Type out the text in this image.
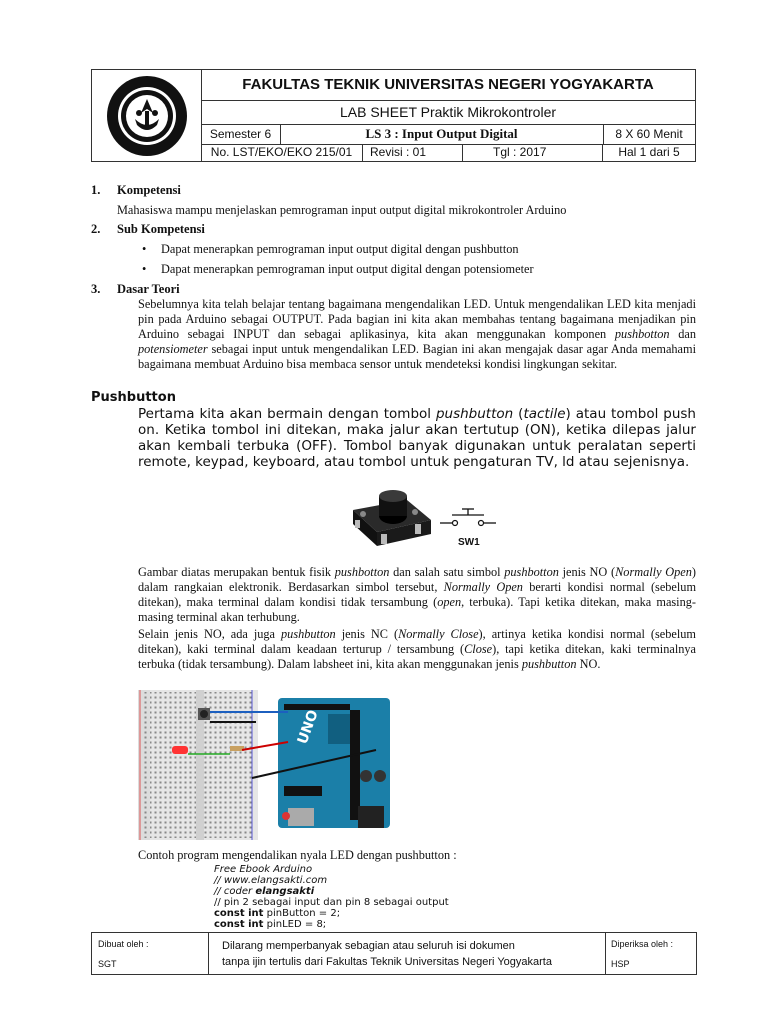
FAKULTAS TEKNIK UNIVERSITAS NEGERI YOGYAKARTA
LAB SHEET Praktik Mikrokontroler
Semester 6	LS 3 : Input Output Digital	8 X 60 Menit
No. LST/EKO/EKO 215/01	Revisi : 01	Tgl : 2017	Hal 1 dari 5
1. Kompetensi
Mahasiswa mampu menjelaskan pemrograman input output digital mikrokontroler Arduino
2. Sub Kompetensi
• Dapat menerapkan pemrograman input output digital dengan pushbutton
• Dapat menerapkan pemrograman input output digital dengan potensiometer
3. Dasar Teori
Sebelumnya kita telah belajar tentang bagaimana mengendalikan LED. Untuk mengendalikan LED kita menjadi pin pada Arduino sebagai OUTPUT. Pada bagian ini kita akan membahas tentang bagaimana menjadikan pin Arduino sebagai INPUT dan sebagai aplikasinya, kita akan menggunakan komponen pushbotton dan potensiometer sebagai input untuk mengendalikan LED. Bagian ini akan mengajak dasar agar Anda memahami bagaimana membuat Arduino bisa membaca sensor untuk mendeteksi kondisi lingkungan sekitar.
Pushbutton
Pertama kita akan bermain dengan tombol pushbutton (tactile) atau tombol push on. Ketika tombol ini ditekan, maka jalur akan tertutup (ON), ketika dilepas jalur akan kembali terbuka (OFF). Tombol banyak digunakan untuk peralatan seperti remote, keypad, keyboard, atau tombol untuk pengaturan TV, ld atau sejenisnya.
SW1
Gambar diatas merupakan bentuk fisik pushbotton dan salah satu simbol pushbotton jenis NO (Normally Open) dalam rangkaian elektronik. Berdasarkan simbol tersebut, Normally Open berarti kondisi normal (sebelum ditekan), maka terminal dalam kondisi tidak tersambung (open, terbuka). Tapi ketika ditekan, maka masing-masing terminal akan terhubung.
Selain jenis NO, ada juga pushbutton jenis NC (Normally Close), artinya ketika kondisi normal (sebelum ditekan), kaki terminal dalam keadaan terturup / tersambung (Close), tapi ketika ditekan, kaki terminalnya terbuka (tidak tersambung). Dalam labsheet ini, kita akan menggunakan jenis pushbutton NO.
UNO
Contoh program mengendalikan nyala LED dengan pushbutton :
Free Ebook Arduino
// www.elangsakti.com
// coder elangsakti
// pin 2 sebagai input dan pin 8 sebagai output
const int pinButton = 2;
const int pinLED = 8;
Dibuat oleh :
SGT
Dilarang memperbanyak sebagian atau seluruh isi dokumen
tanpa ijin tertulis dari Fakultas Teknik Universitas Negeri Yogyakarta
Diperiksa oleh :
HSP
